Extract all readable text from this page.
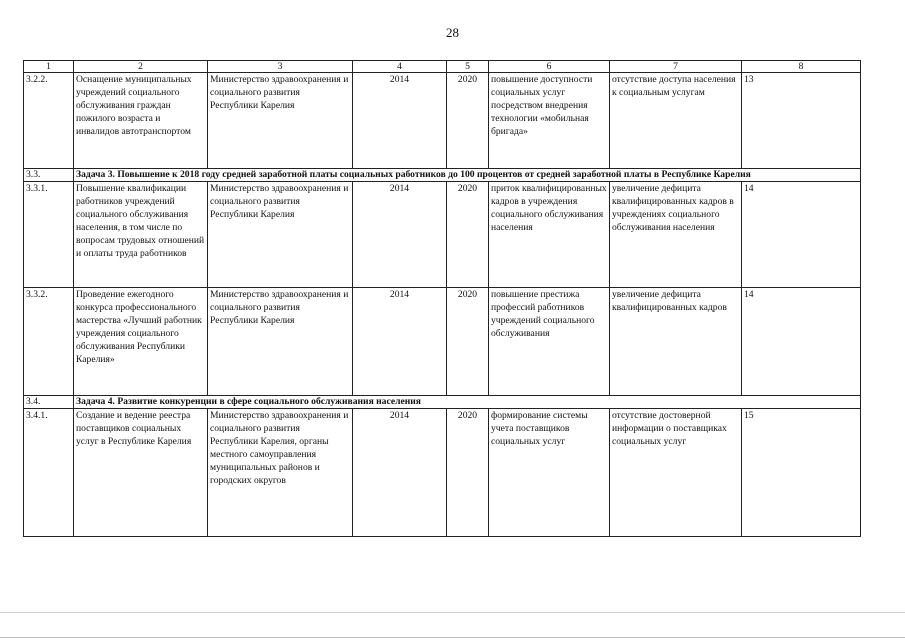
28
1	2	3	4	5	6	7	8
3.2.2.	Оснащение муниципальных учреждений социального обслуживания граждан пожилого возраста и инвалидов автотранспортом	Министерство здравоохранения и социального развития Республики Карелия	2014	2020	повышение доступности социальных услуг посредством внедрения технологии «мобильная бригада»	отсутствие доступа населения к социальным услугам	13
3.3.	Задача 3. Повышение к 2018 году средней заработной платы социальных работников до 100 процентов от средней заработной платы в Республике Карелия						
3.3.1.	Повышение квалификации работников учреждений социального обслуживания населения, в том числе по вопросам трудовых отношений и оплаты труда работников	Министерство здравоохранения и социального развития Республики Карелия	2014	2020	приток квалифицированных кадров в учреждения социального обслуживания населения	увеличение дефицита квалифицированных кадров в учреждениях социального обслуживания населения	14
3.3.2.	Проведение ежегодного конкурса профессионального мастерства «Лучший работник учреждения социального обслуживания Республики Карелия»	Министерство здравоохранения и социального развития Республики Карелия	2014	2020	повышение престижа профессий работников учреждений социального обслуживания	увеличение дефицита квалифицированных кадров	14
3.4.	Задача 4. Развитие конкуренции в сфере социального обслуживания населения						
3.4.1.	Создание и ведение реестра поставщиков социальных услуг в Республике Карелия	Министерство здравоохранения и социального развития Республики Карелия, органы местного самоуправления муниципальных районов и городских округов	2014	2020	формирование системы учета поставщиков социальных услуг	отсутствие достоверной информации о поставщиках социальных услуг	15
